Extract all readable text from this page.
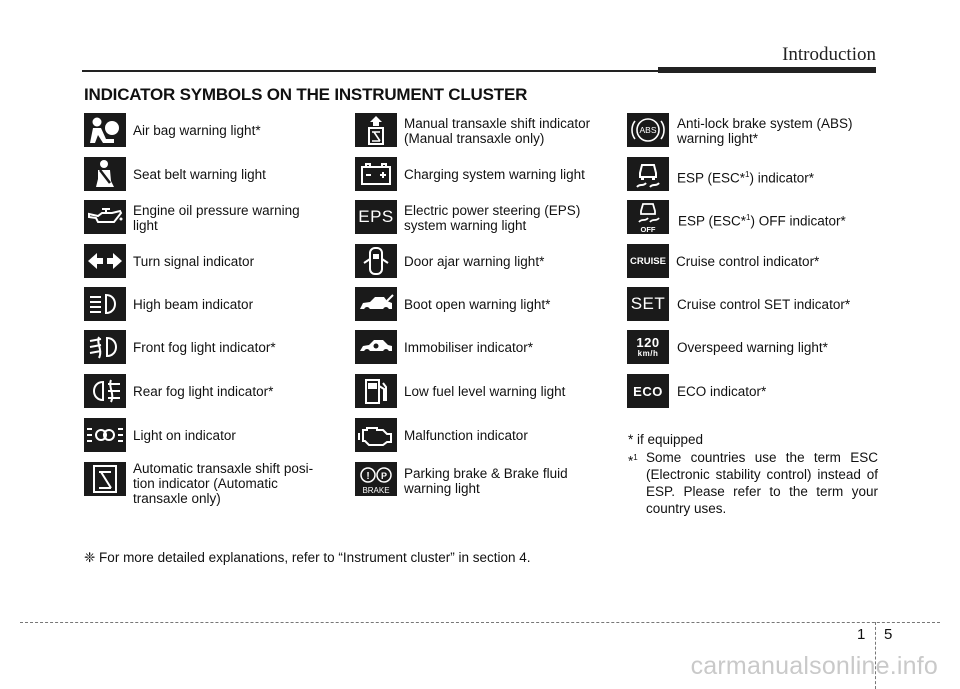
Introduction
INDICATOR SYMBOLS ON THE INSTRUMENT CLUSTER
Air bag warning light*
Seat belt warning light
Engine oil pressure warning
light
Turn signal indicator
High beam indicator
Front fog light indicator*
Rear fog light indicator*
Light on indicator
Automatic transaxle shift posi-
tion indicator (Automatic
transaxle only)
Manual transaxle shift indicator
(Manual transaxle only)
Charging system warning light
EPS Electric power steering (EPS)
system warning light
Door ajar warning light*
Boot open warning light*
Immobiliser indicator*
Low fuel level warning light
Malfunction indicator
! P
BRAKE
Parking brake & Brake fluid
warning light
ABS Anti-lock brake system (ABS)
warning light*
ESP (ESC*$^1$) indicator*
OFF
ESP (ESC*$^1$) OFF indicator*
CRUISE Cruise control indicator*
SET Cruise control SET indicator*
120
km/h Overspeed warning light*
ECO ECO indicator*
* if equipped
*$^1$ Some countries use the term ESC (Electronic stability control) instead of ESP. Please refer to the term your country uses.
❈ For more detailed explanations, refer to “Instrument cluster” in section 4.
1 5
carmanualsonline.info
